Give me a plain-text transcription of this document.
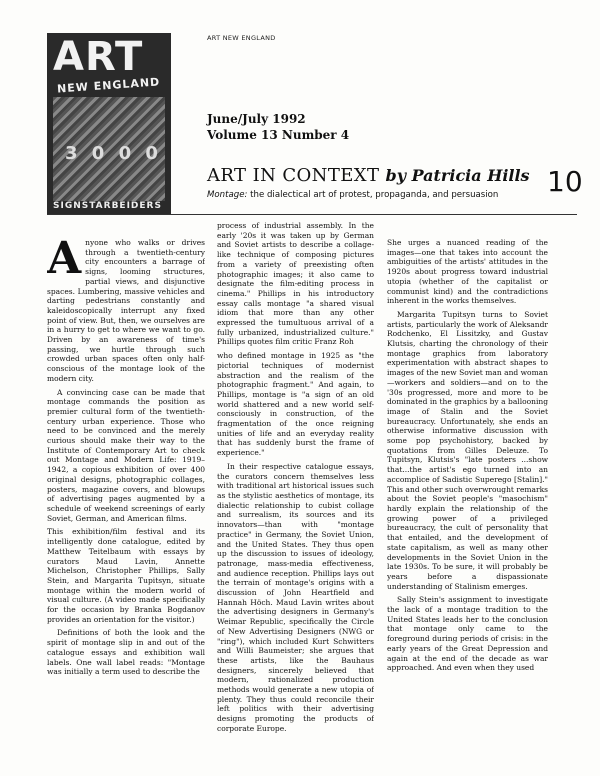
ART
NEW ENGLAND
3 0 0 0
SIGNSTARBEIDERS
ART NEW ENGLAND
June/July 1992
Volume 13 Number 4
ART IN CONTEXT by Patricia Hills
Montage: the dialectical art of protest, propaganda, and persuasion	10

Anyone who walks or drives through a twentieth-century city encounters a barrage of signs, looming structures, partial views, and disjunctive spaces. Lumbering, massive vehicles and darting pedestrians constantly and kaleidoscopically interrupt any fixed point of view. But, then, we ourselves are in a hurry to get to where we want to go. Driven by an awareness of time's passing, we hurtle through such crowded urban spaces often only half-conscious of the montage look of the modern city.

A convincing case can be made that montage commands the position as premier cultural form of the twentieth-century urban experience. Those who need to be convinced and the merely curious should make their way to the Institute of Contemporary Art to check out Montage and Modern Life: 1919–1942, a copious exhibition of over 400 original designs, photographic collages, posters, magazine covers, and blowups of advertising pages augmented by a schedule of weekend screenings of early Soviet, German, and American films.

This exhibition/film festival and its intelligently done catalogue, edited by Matthew Teitelbaum with essays by curators Maud Lavin, Annette Michelson, Christopher Phillips, Sally Stein, and Margarita Tupitsyn, situate montage within the modern world of visual culture. (A video made specifically for the occasion by Branka Bogdanov provides an orientation for the visitor.)

Definitions of both the look and the spirit of montage slip in and out of the catalogue essays and exhibition wall labels. One wall label reads: "Montage was initially a term used to describe the

process of industrial assembly. In the early '20s it was taken up by German and Soviet artists to describe a collage-like technique of composing pictures from a variety of preexisting often photographic images; it also came to designate the film-editing process in cinema." Phillips in his introductory essay calls montage "a shared visual idiom that more than any other expressed the tumultuous arrival of a fully urbanized, industrialized culture." Phillips quotes film critic Franz Roh

who defined montage in 1925 as "the pictorial techniques of modernist abstraction and the realism of the photographic fragment." And again, to Phillips, montage is "a sign of an old world shattered and a new world self-consciously in construction, of the fragmentation of the once reigning unities of life and an everyday reality that has suddenly burst the frame of experience."

In their respective catalogue essays, the curators concern themselves less with traditional art historical issues such as the stylistic aesthetics of montage, its dialectic relationship to cubist collage and surrealism, its sources and its innovators—than with "montage practice" in Germany, the Soviet Union, and the United States. They thus open up the discussion to issues of ideology, patronage, mass-media effectiveness, and audience reception. Phillips lays out the terrain of montage's origins with a discussion of John Heartfield and Hannah Höch. Maud Lavin writes about the advertising designers in Germany's Weimar Republic, specifically the Circle of New Advertising Designers (NWG or "ring"), which included Kurt Schwitters and Willi Baumeister; she argues that these artists, like the Bauhaus designers, sincerely believed that modern, rationalized production methods would generate a new utopia of plenty. They thus could reconcile their left politics with their advertising designs promoting the products of corporate Europe.

She urges a nuanced reading of the images—one that takes into account the ambiguities of the artists' attitudes in the 1920s about progress toward industrial utopia (whether of the capitalist or communist kind) and the contradictions inherent in the works themselves.

Margarita Tupitsyn turns to Soviet artists, particularly the work of Aleksandr Rodchenko, El Lissitzky, and Gustav Klutsis, charting the chronology of their montage graphics from laboratory experimentation with abstract shapes to images of the new Soviet man and woman—workers and soldiers—and on to the '30s progressed, more and more to be dominated in the graphics by a ballooning image of Stalin and the Soviet bureaucracy. Unfortunately, she ends an otherwise informative discussion with some pop psychohistory, backed by quotations from Gilles Deleuze. To Tupitsyn, Klutsis's "late posters ...show that...the artist's ego turned into an accomplice of Sadistic Superego [Stalin]." This and other such overwrought remarks about the Soviet people's "masochism" hardly explain the relationship of the growing power of a privileged bureaucracy, the cult of personality that that entailed, and the development of state capitalism, as well as many other developments in the Soviet Union in the late 1930s. To be sure, it will probably be years before a dispassionate understanding of Stalinism emerges.

Sally Stein's assignment to investigate the lack of a montage tradition to the United States leads her to the conclusion that montage only came to the foreground during periods of crisis: in the early years of the Great Depression and again at the end of the decade as war approached. And even when they used
